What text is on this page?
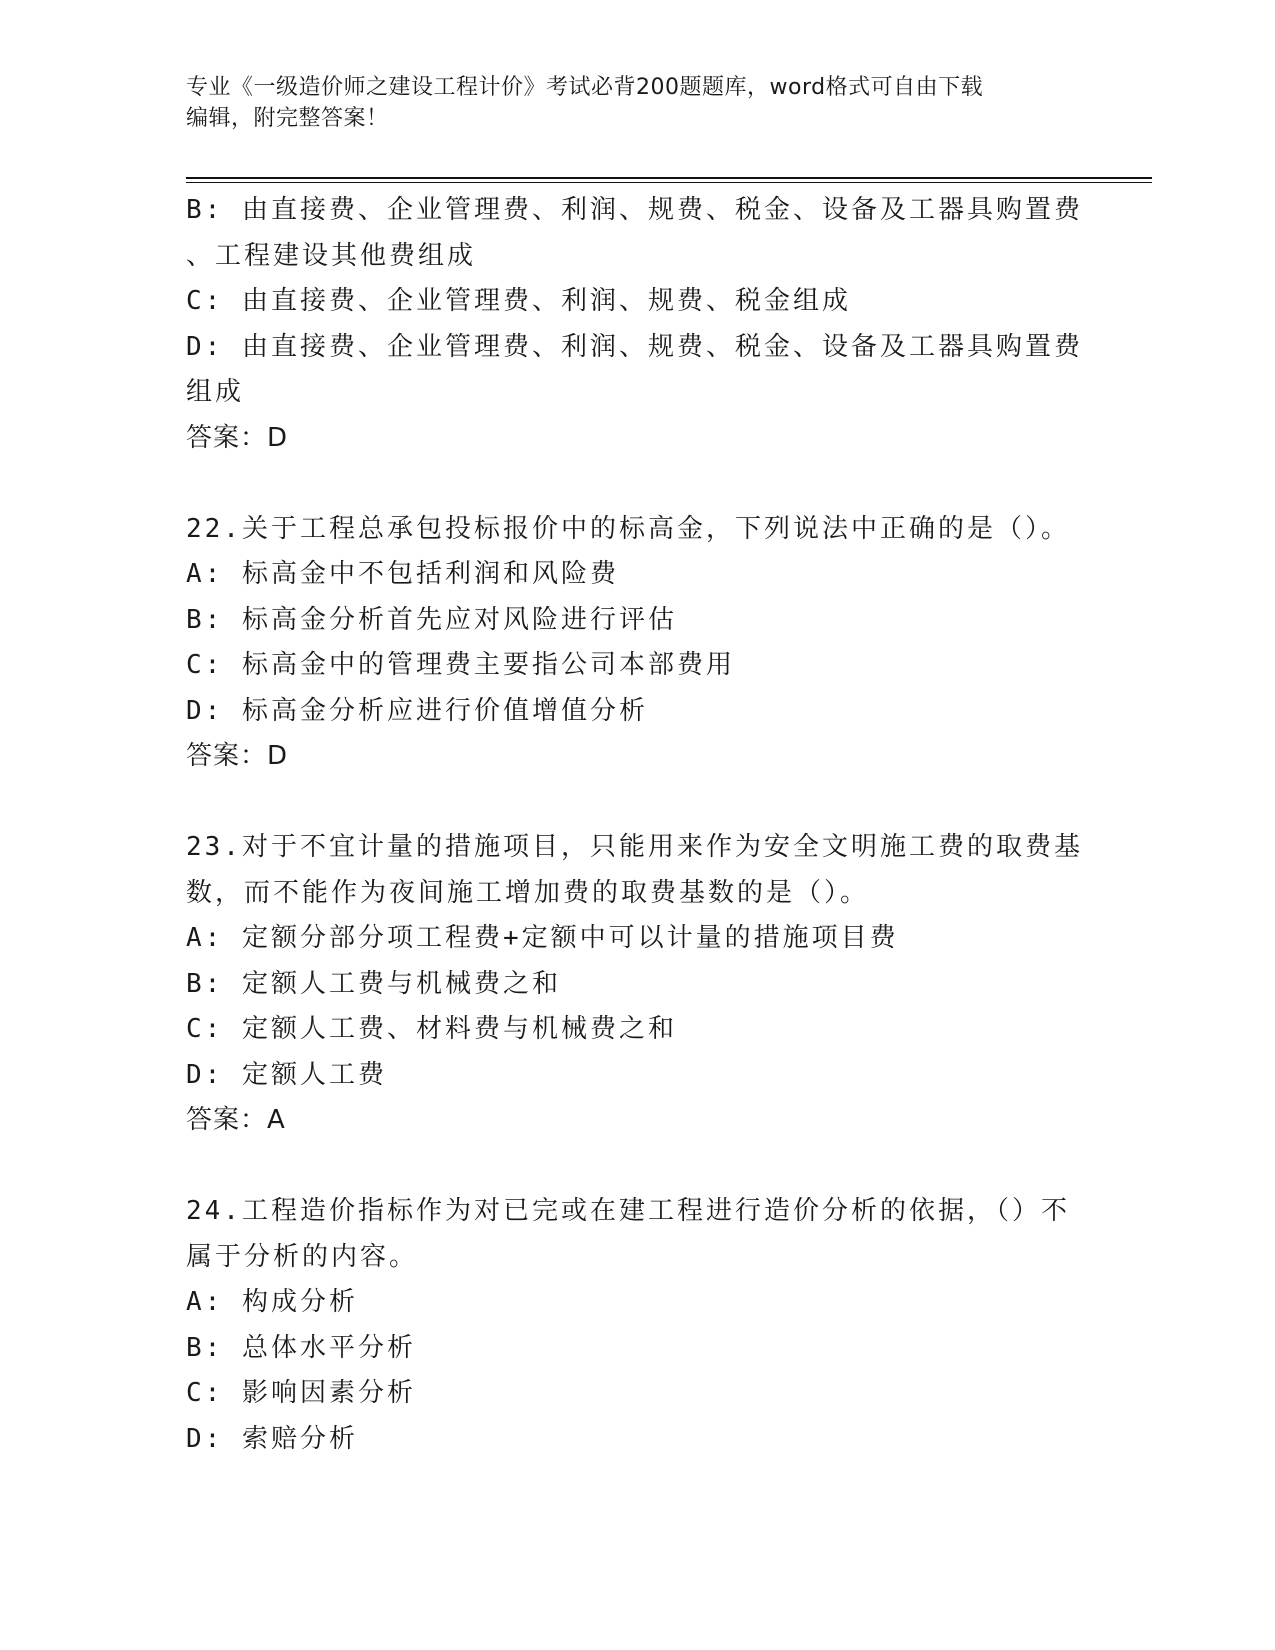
专业《一级造价师之建设工程计价》考试必背200题题库，word格式可自由下载
编辑，附完整答案！
B: 由直接费、企业管理费、利润、规费、税金、设备及工器具购置费
、工程建设其他费组成
C: 由直接费、企业管理费、利润、规费、税金组成
D: 由直接费、企业管理费、利润、规费、税金、设备及工器具购置费
组成
答案：D
22.关于工程总承包投标报价中的标高金，下列说法中正确的是（）。
A: 标高金中不包括利润和风险费
B: 标高金分析首先应对风险进行评估
C: 标高金中的管理费主要指公司本部费用
D: 标高金分析应进行价值增值分析
答案：D
23.对于不宜计量的措施项目，只能用来作为安全文明施工费的取费基
数，而不能作为夜间施工增加费的取费基数的是（）。
A: 定额分部分项工程费+定额中可以计量的措施项目费
B: 定额人工费与机械费之和
C: 定额人工费、材料费与机械费之和
D: 定额人工费
答案：A
24.工程造价指标作为对已完或在建工程进行造价分析的依据，（）不
属于分析的内容。
A: 构成分析
B: 总体水平分析
C: 影响因素分析
D: 索赔分析
